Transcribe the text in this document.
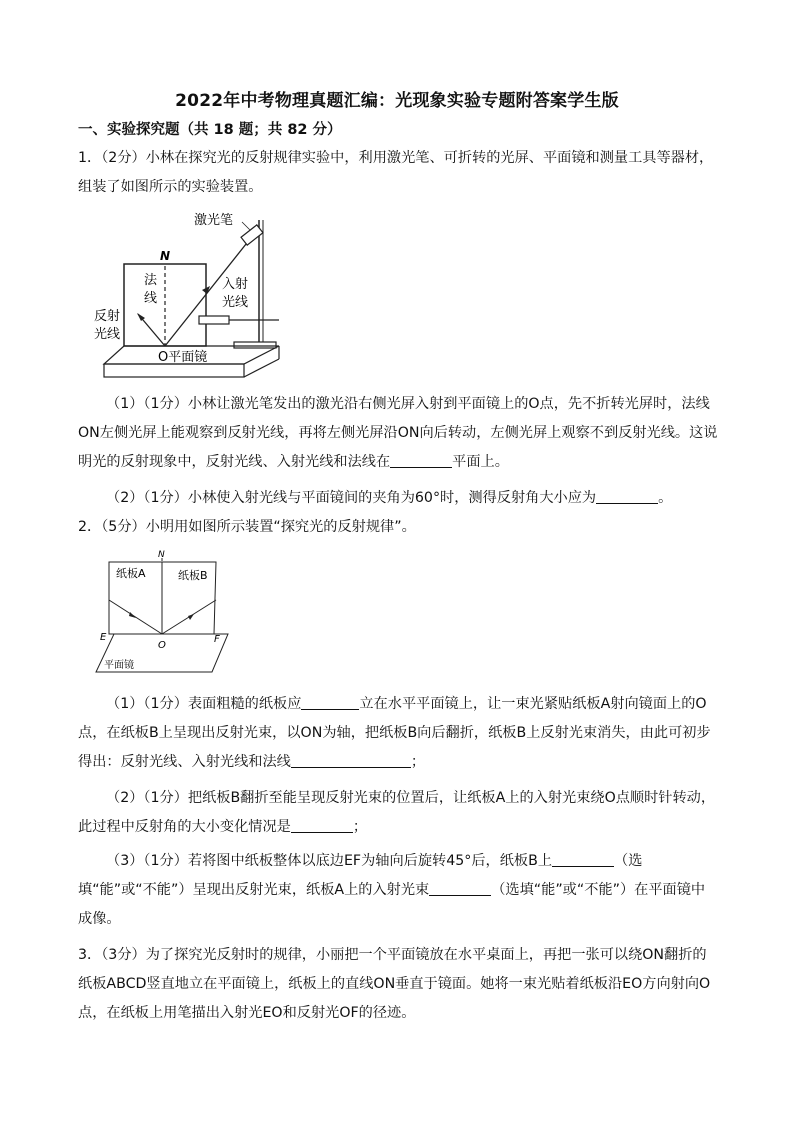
2022年中考物理真题汇编：光现象实验专题附答案学生版
一、实验探究题（共 18 题；共 82 分）
1．（2分）小林在探究光的反射规律实验中，利用激光笔、可折转的光屏、平面镜和测量工具等器材，组装了如图所示的实验装置。
激光笔
N
法
线
入射
光线
反射
光线
O平面镜
（1）（1分）小林让激光笔发出的激光沿右侧光屏入射到平面镜上的O点，先不折转光屏时，法线ON左侧光屏上能观察到反射光线，再将左侧光屏沿ON向后转动，左侧光屏上观察不到反射光线。这说明光的反射现象中，反射光线、入射光线和法线在	平面上。
（2）（1分）小林使入射光线与平面镜间的夹角为60°时，测得反射角大小应为	。
2．（5分）小明用如图所示装置“探究光的反射规律”。
N
纸板A	纸板B
E
O
F
平面镜
（1）（1分）表面粗糙的纸板应	立在水平平面镜上，让一束光紧贴纸板A射向镜面上的O点，在纸板B上呈现出反射光束，以ON为轴，把纸板B向后翻折，纸板B上反射光束消失，由此可初步得出：反射光线、入射光线和法线	；
（2）（1分）把纸板B翻折至能呈现反射光束的位置后，让纸板A上的入射光束绕O点顺时针转动，此过程中反射角的大小变化情况是	；
（3）（1分）若将图中纸板整体以底边EF为轴向后旋转45°后，纸板B上	（选填“能”或“不能”）呈现出反射光束，纸板A上的入射光束	（选填“能”或“不能”）在平面镜中成像。
3．（3分）为了探究光反射时的规律，小丽把一个平面镜放在水平桌面上，再把一张可以绕ON翻折的纸板ABCD竖直地立在平面镜上，纸板上的直线ON垂直于镜面。她将一束光贴着纸板沿EO方向射向O点，在纸板上用笔描出入射光EO和反射光OF的径迹。
